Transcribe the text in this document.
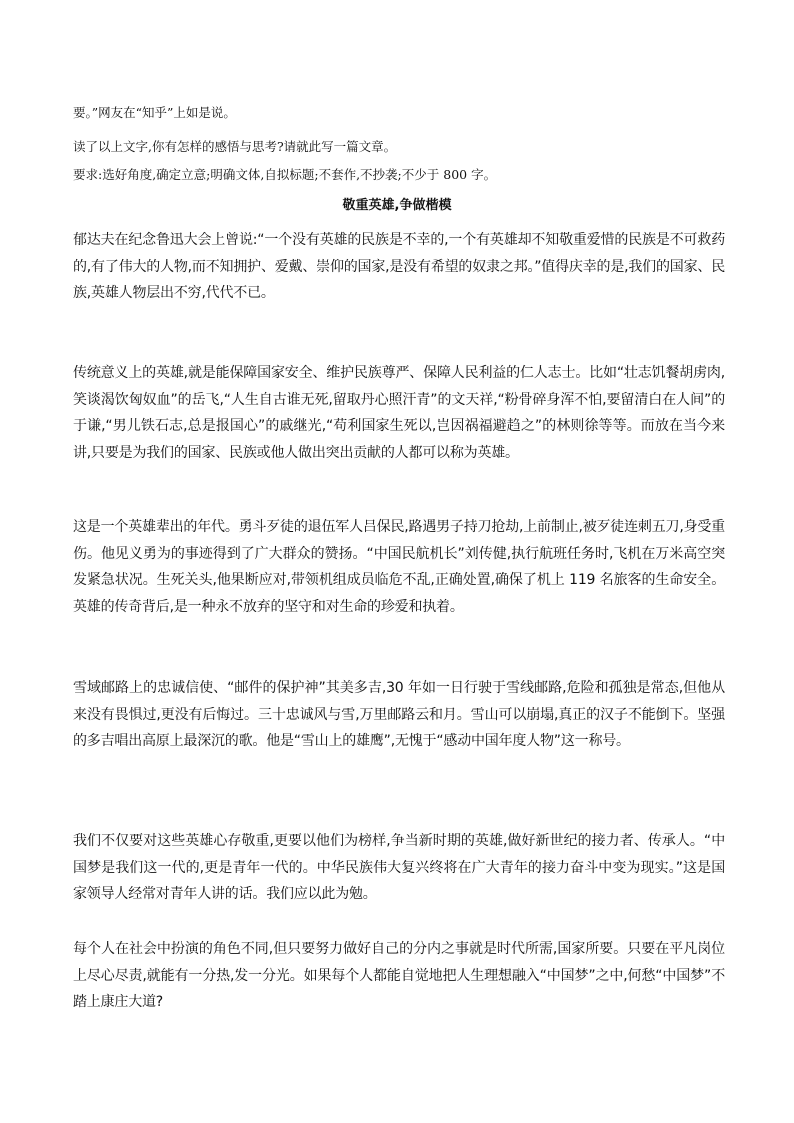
要。”网友在“知乎”上如是说。
读了以上文字,你有怎样的感悟与思考?请就此写一篇文章。
要求:选好角度,确定立意;明确文体,自拟标题;不套作,不抄袭;不少于 800 字。
敬重英雄,争做楷模

郁达夫在纪念鲁迅大会上曾说:“一个没有英雄的民族是不幸的,一个有英雄却不知敬重爱惜的民族是不可救药的,有了伟大的人物,而不知拥护、爱戴、崇仰的国家,是没有希望的奴隶之邦。”值得庆幸的是,我们的国家、民族,英雄人物层出不穷,代代不已。

传统意义上的英雄,就是能保障国家安全、维护民族尊严、保障人民利益的仁人志士。比如“壮志饥餐胡虏肉,笑谈渴饮匈奴血”的岳飞,“人生自古谁无死,留取丹心照汗青”的文天祥,“粉骨碎身浑不怕,要留清白在人间”的于谦,“男儿铁石志,总是报国心”的戚继光,“苟利国家生死以,岂因祸福避趋之”的林则徐等等。而放在当今来讲,只要是为我们的国家、民族或他人做出突出贡献的人都可以称为英雄。

这是一个英雄辈出的年代。勇斗歹徒的退伍军人吕保民,路遇男子持刀抢劫,上前制止,被歹徒连刺五刀,身受重伤。他见义勇为的事迹得到了广大群众的赞扬。“中国民航机长”刘传健,执行航班任务时,飞机在万米高空突发紧急状况。生死关头,他果断应对,带领机组成员临危不乱,正确处置,确保了机上 119 名旅客的生命安全。英雄的传奇背后,是一种永不放弃的坚守和对生命的珍爱和执着。

雪域邮路上的忠诚信使、“邮件的保护神”其美多吉,30 年如一日行驶于雪线邮路,危险和孤独是常态,但他从来没有畏惧过,更没有后悔过。三十忠诚风与雪,万里邮路云和月。雪山可以崩塌,真正的汉子不能倒下。坚强的多吉唱出高原上最深沉的歌。他是“雪山上的雄鹰”,无愧于“感动中国年度人物”这一称号。

我们不仅要对这些英雄心存敬重,更要以他们为榜样,争当新时期的英雄,做好新世纪的接力者、传承人。“中国梦是我们这一代的,更是青年一代的。中华民族伟大复兴终将在广大青年的接力奋斗中变为现实。”这是国家领导人经常对青年人讲的话。我们应以此为勉。

每个人在社会中扮演的角色不同,但只要努力做好自己的分内之事就是时代所需,国家所要。只要在平凡岗位上尽心尽责,就能有一分热,发一分光。如果每个人都能自觉地把人生理想融入“中国梦”之中,何愁“中国梦”不踏上康庄大道?
